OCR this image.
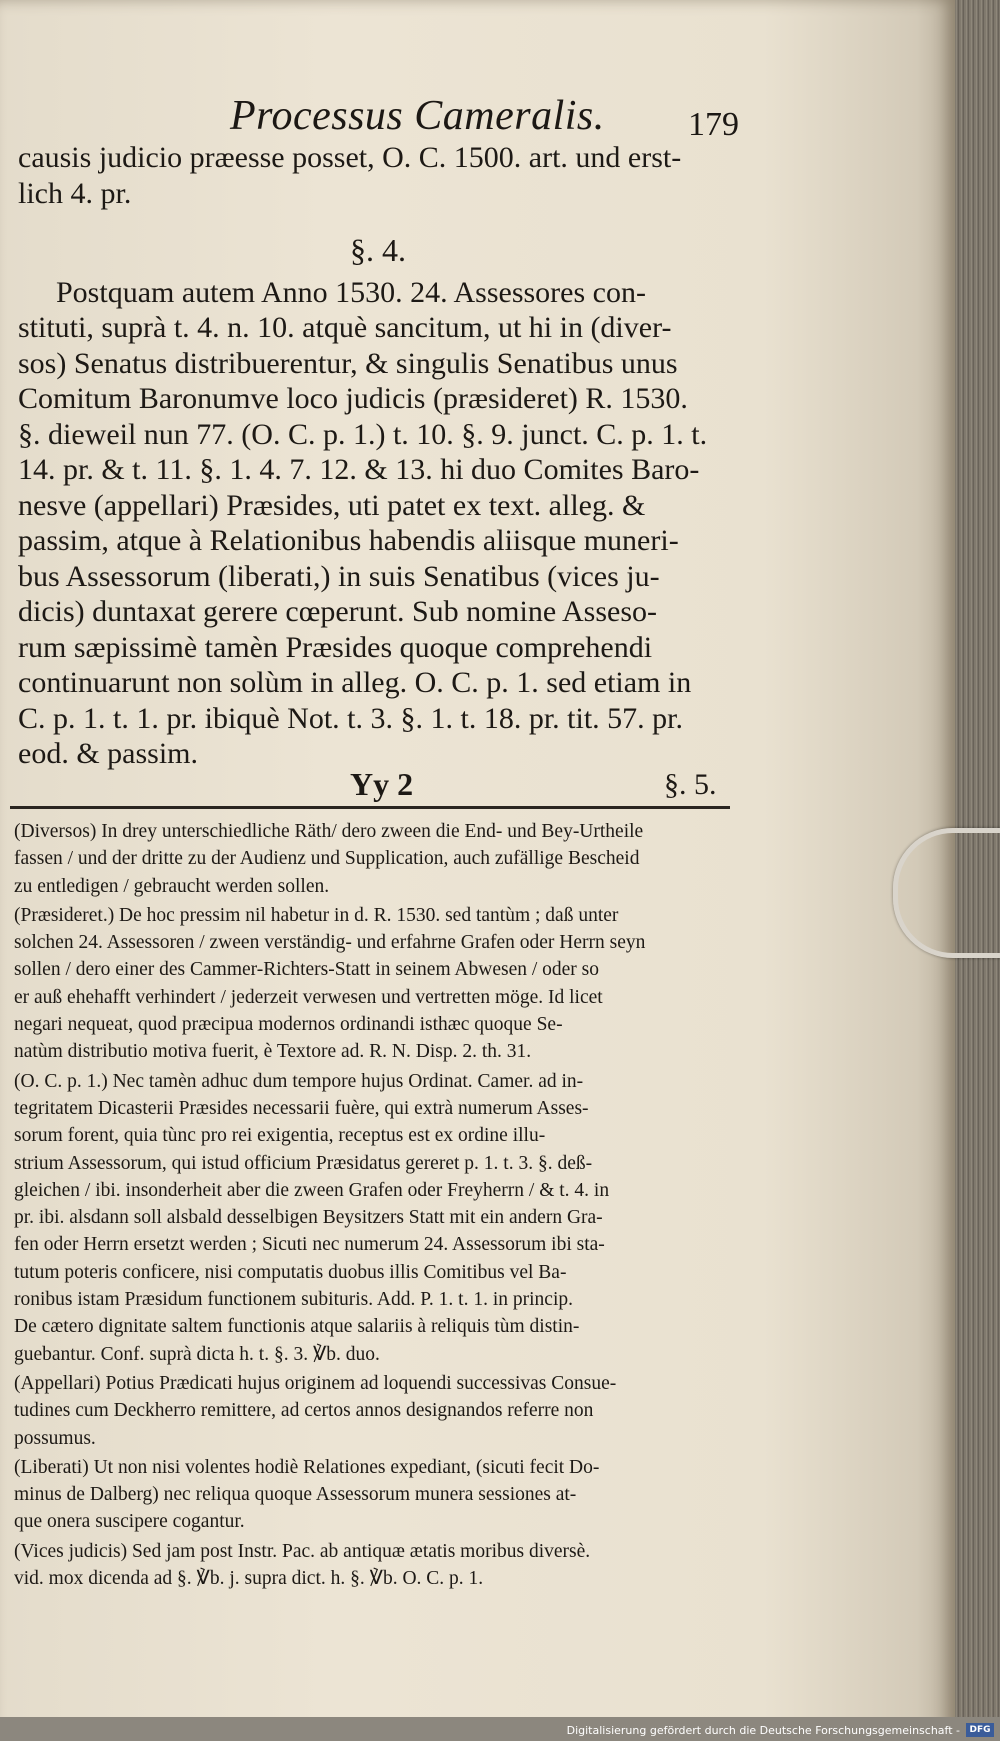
Processus Cameralis. 179

causis judicio præesse posset, O. C. 1500. art. und erst-
lich 4. pr.

§. 4.

Postquam autem Anno 1530. 24. Assessores con-
stituti, suprà t. 4. n. 10. atquè sancitum, ut hi in (diver-
sos) Senatus distribuerentur, & singulis Senatibus unus
Comitum Baronumve loco judicis (præsideret) R. 1530.
§. dieweil nun 77. (O. C. p. 1.) t. 10. §. 9. junct. C. p. 1. t.
14. pr. & t. 11. §. 1. 4. 7. 12. & 13. hi duo Comites Baro-
nesve (appellari) Præsides, uti patet ex text. alleg. &
passim, atque à Relationibus habendis aliisque muneri-
bus Assessorum (liberati,) in suis Senatibus (vices ju-
dicis) duntaxat gerere cœperunt. Sub nomine Asseso-
rum sæpissimè tamèn Præsides quoque comprehendi
continuarunt non solùm in alleg. O. C. p. 1. sed etiam in
C. p. 1. t. 1. pr. ibiquè Not. t. 3. §. 1. t. 18. pr. tit. 57. pr.
eod. & passim.

Yy 2	§. 5.
(Diversos) In drey unterschiedliche Räth/ dero zween die End- und Bey-Urtheile
fassen / und der dritte zu der Audienz und Supplication, auch zufällige Bescheid
zu entledigen / gebraucht werden sollen.
(Præsideret.) De hoc pressim nil habetur in d. R. 1530. sed tantùm ; daß unter
solchen 24. Assessoren / zween verständig- und erfahrne Grafen oder Herrn seyn
sollen / dero einer des Cammer-Richters-Statt in seinem Abwesen / oder so
er auß ehehafft verhindert / jederzeit verwesen und vertretten möge. Id licet
negari nequeat, quod præcipua modernos ordinandi isthæc quoque Se-
natùm distributio motiva fuerit, è Textore ad. R. N. Disp. 2. th. 31.
(O. C. p. 1.) Nec tamèn adhuc dum tempore hujus Ordinat. Camer. ad in-
tegritatem Dicasterii Præsides necessarii fuère, qui extrà numerum Asses-
sorum forent, quia tùnc pro rei exigentia, receptus est ex ordine illu-
strium Assessorum, qui istud officium Præsidatus gereret p. 1. t. 3. §. deß-
gleichen / ibi. insonderheit aber die zween Grafen oder Freyherrn / & t. 4. in
pr. ibi. alsdann soll alsbald desselbigen Beysitzers Statt mit ein andern Gra-
fen oder Herrn ersetzt werden ; Sicuti nec numerum 24. Assessorum ibi sta-
tutum poteris conficere, nisi computatis duobus illis Comitibus vel Ba-
ronibus istam Præsidum functionem subituris. Add. P. 1. t. 1. in princip.
De cætero dignitate saltem functionis atque salariis à reliquis tùm distin-
guebantur. Conf. suprà dicta h. t. §. 3. ℣b. duo.
(Appellari) Potius Prædicati hujus originem ad loquendi successivas Consue-
tudines cum Deckherro remittere, ad certos annos designandos referre non
possumus.
(Liberati) Ut non nisi volentes hodiè Relationes expediant, (sicuti fecit Do-
minus de Dalberg) nec reliqua quoque Assessorum munera sessiones at-
que onera suscipere cogantur.
(Vices judicis) Sed jam post Instr. Pac. ab antiquæ ætatis moribus diversè.
vid. mox dicenda ad §. ℣b. j. supra dict. h. §. ℣b. O. C. p. 1.
Digitalisierung gefördert durch die Deutsche Forschungsgemeinschaft -	DFG
